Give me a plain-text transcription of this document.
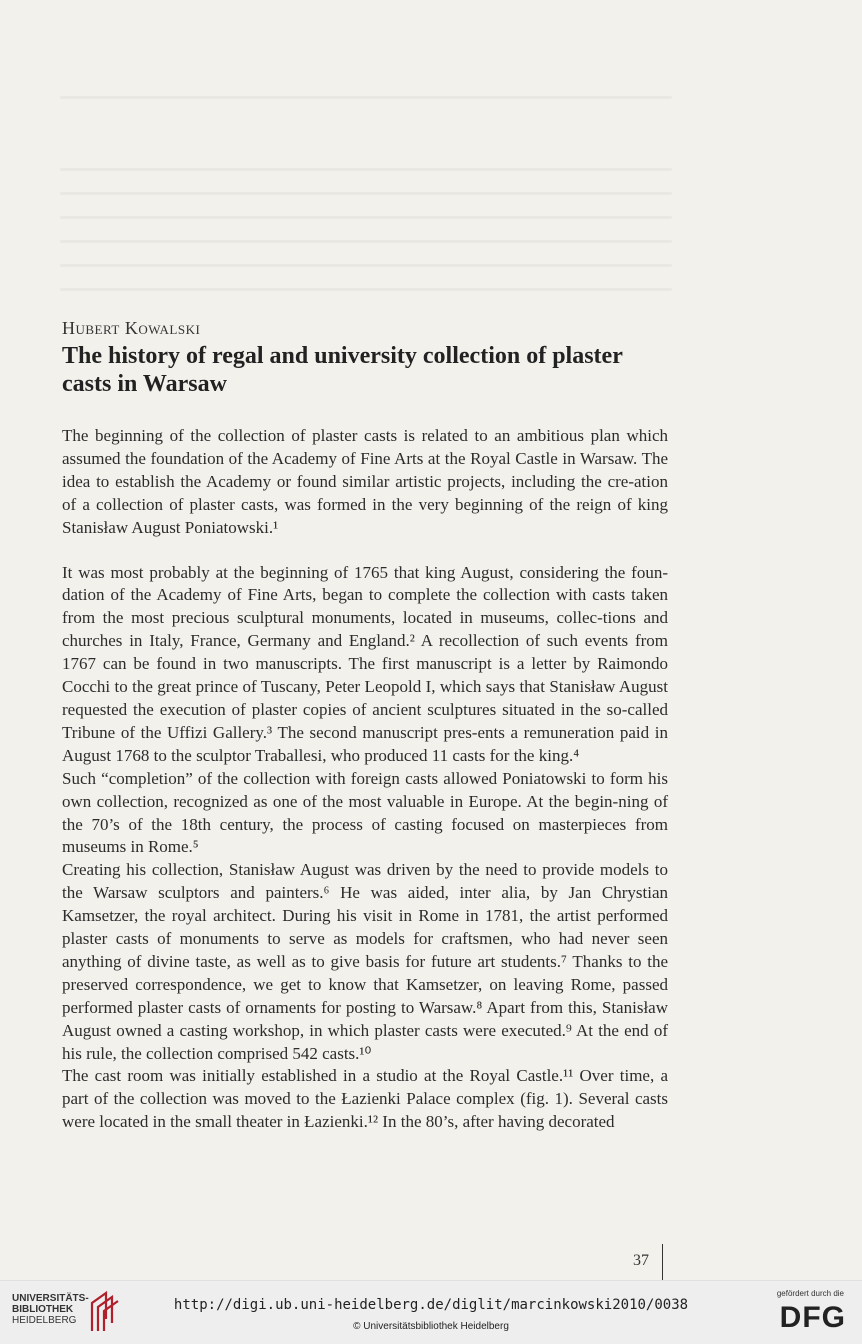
Hubert Kowalski
The history of regal and university collection of plaster casts in Warsaw

The beginning of the collection of plaster casts is related to an ambitious plan which assumed the foundation of the Academy of Fine Arts at the Royal Castle in Warsaw. The idea to establish the Academy or found similar artistic projects, including the cre-ation of a collection of plaster casts, was formed in the very beginning of the reign of king Stanisław August Poniatowski.¹

It was most probably at the beginning of 1765 that king August, considering the foun-dation of the Academy of Fine Arts, began to complete the collection with casts taken from the most precious sculptural monuments, located in museums, collec-tions and churches in Italy, France, Germany and England.² A recollection of such events from 1767 can be found in two manuscripts. The first manuscript is a letter by Raimondo Cocchi to the great prince of Tuscany, Peter Leopold I, which says that Stanisław August requested the execution of plaster copies of ancient sculptures situated in the so-called Tribune of the Uffizi Gallery.³ The second manuscript pres-ents a remuneration paid in August 1768 to the sculptor Traballesi, who produced 11 casts for the king.⁴

Such “completion” of the collection with foreign casts allowed Poniatowski to form his own collection, recognized as one of the most valuable in Europe. At the begin-ning of the 70’s of the 18th century, the process of casting focused on masterpieces from museums in Rome.⁵

Creating his collection, Stanisław August was driven by the need to provide models to the Warsaw sculptors and painters.⁶ He was aided, inter alia, by Jan Chrystian Kamsetzer, the royal architect. During his visit in Rome in 1781, the artist performed plaster casts of monuments to serve as models for craftsmen, who had never seen anything of divine taste, as well as to give basis for future art students.⁷ Thanks to the preserved correspondence, we get to know that Kamsetzer, on leaving Rome, passed performed plaster casts of ornaments for posting to Warsaw.⁸ Apart from this, Stanisław August owned a casting workshop, in which plaster casts were executed.⁹ At the end of his rule, the collection comprised 542 casts.¹⁰

The cast room was initially established in a studio at the Royal Castle.¹¹ Over time, a part of the collection was moved to the Łazienki Palace complex (fig. 1). Several casts were located in the small theater in Łazienki.¹² In the 80’s, after having decorated

37
UNIVERSITÄTS-
BIBLIOTHEK
HEIDELBERG
http://digi.ub.uni-heidelberg.de/diglit/marcinkowski2010/0038
© Universitätsbibliothek Heidelberg
gefördert durch die
DFG
